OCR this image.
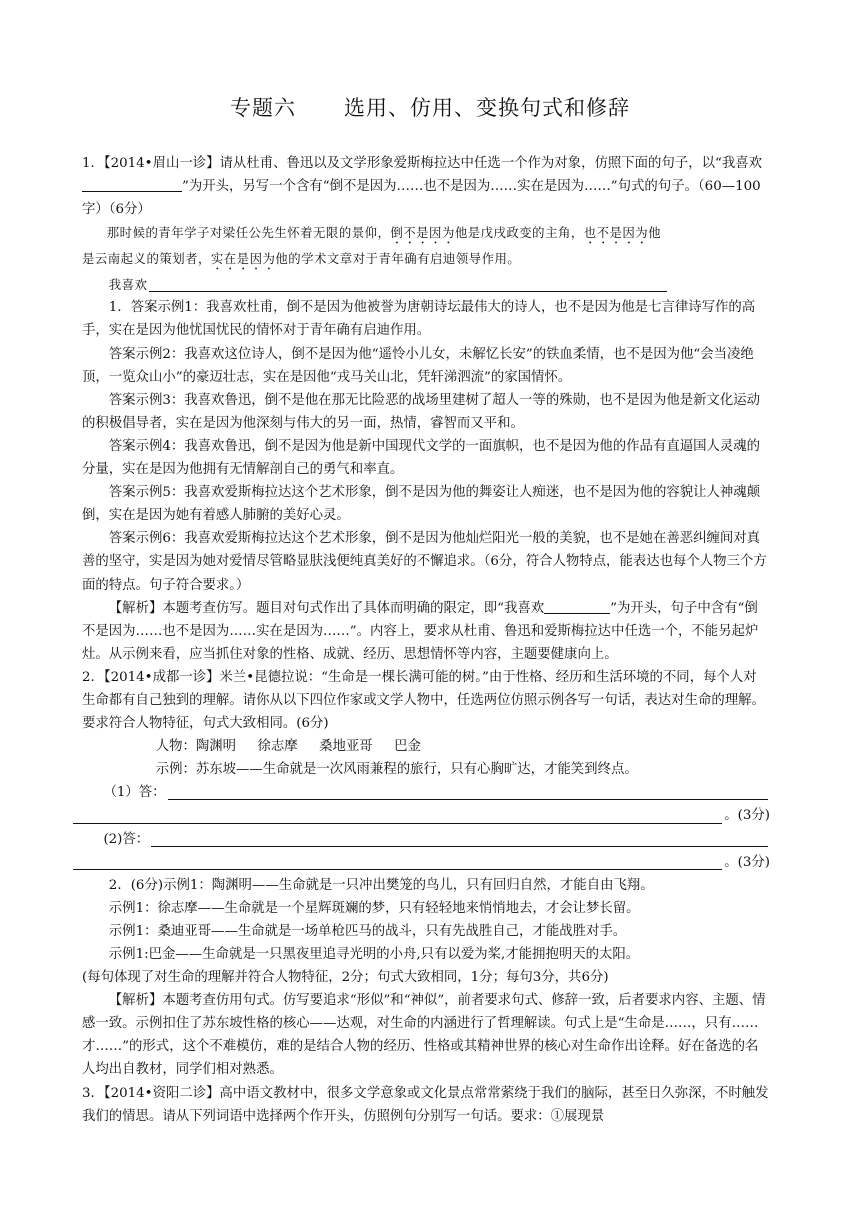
专题六 选用、仿用、变换句式和修辞

1．【2014•眉山一诊】请从杜甫、鲁迅以及文学形象爱斯梅拉达中任选一个作为对象，仿照下面的句子，以“我喜欢”为开头，另写一个含有“倒不是因为……也不是因为……实在是因为……”句式的句子。（60—100字）（6分）

那时候的青年学子对梁任公先生怀着无限的景仰，倒不是因为他是戊戌政变的主角，也不是因为他

是云南起义的策划者，实在是因为他的学术文章对于青年确有启迪领导作用。

我喜欢

1．答案示例1：我喜欢杜甫，倒不是因为他被誉为唐朝诗坛最伟大的诗人，也不是因为他是七言律诗写作的高手，实在是因为他忧国忧民的情怀对于青年确有启迪作用。

答案示例2：我喜欢这位诗人，倒不是因为他“遥怜小儿女，未解忆长安”的铁血柔情，也不是因为他“会当凌绝顶，一览众山小”的豪迈壮志，实在是因他“戎马关山北，凭轩涕泗流”的家国情怀。

答案示例3：我喜欢鲁迅，倒不是他在那无比险恶的战场里建树了超人一等的殊勋，也不是因为他是新文化运动的积极倡导者，实在是因为他深刻与伟大的另一面，热情，睿智而又平和。

答案示例4：我喜欢鲁迅，倒不是因为他是新中国现代文学的一面旗帜，也不是因为他的作品有直逼国人灵魂的分量，实在是因为他拥有无情解剖自己的勇气和率直。

答案示例5：我喜欢爱斯梅拉达这个艺术形象，倒不是因为他的舞姿让人痴迷，也不是因为他的容貌让人神魂颠倒，实在是因为她有着感人肺腑的美好心灵。

答案示例6：我喜欢爱斯梅拉达这个艺术形象，倒不是因为他灿烂阳光一般的美貌，也不是她在善恶纠缠间对真善的坚守，实是因为她对爱情尽管略显肤浅便纯真美好的不懈追求。（6分，符合人物特点，能表达也每个人物三个方面的特点。句子符合要求。）

【解析】本题考查仿写。题目对句式作出了具体而明确的限定，即“我喜欢	”为开头，句子中含有“倒不是因为……也不是因为……实在是因为……”。内容上，要求从杜甫、鲁迅和爱斯梅拉达中任选一个，不能另起炉灶。从示例来看，应当抓住对象的性格、成就、经历、思想情怀等内容，主题要健康向上。

2．【2014•成都一诊】米兰•昆德拉说：“生命是一棵长满可能的树。”由于性格、经历和生活环境的不同，每个人对生命都有自己独到的理解。请你从以下四位作家或文学人物中，任选两位仿照示例各写一句话，表达对生命的理解。要求符合人物特征，句式大致相同。(6分)

人物：陶渊明 徐志摩 桑地亚哥 巴金

示例：苏东坡——生命就是一次风雨兼程的旅行，只有心胸旷达，才能笑到终点。

（1）答：
。(3分)
(2)答：
。(3分)

2．(6分)示例1：陶渊明——生命就是一只冲出樊笼的鸟儿，只有回归自然，才能自由飞翔。

示例1：徐志摩——生命就是一个星辉斑斓的梦，只有轻轻地来悄悄地去，才会让梦长留。

示例1：桑迪亚哥——生命就是一场单枪匹马的战斗，只有先战胜自己，才能战胜对手。

示例1:巴金——生命就是一只黑夜里追寻光明的小舟,只有以爱为桨,才能拥抱明天的太阳。

(每句体现了对生命的理解并符合人物特征，2分；句式大致相同，1分；每句3分，共6分)

【解析】本题考查仿用句式。仿写要追求“形似”和“神似”，前者要求句式、修辞一致，后者要求内容、主题、情感一致。示例扣住了苏东坡性格的核心——达观，对生命的内涵进行了哲理解读。句式上是“生命是……，只有……才……”的形式，这个不难模仿，难的是结合人物的经历、性格或其精神世界的核心对生命作出诠释。好在备选的名人均出自教材，同学们相对熟悉。

3．【2014•资阳二诊】高中语文教材中，很多文学意象或文化景点常常萦绕于我们的脑际，甚至日久弥深，不时触发我们的情思。请从下列词语中选择两个作开头，仿照例句分别写一句话。要求：①展现景
